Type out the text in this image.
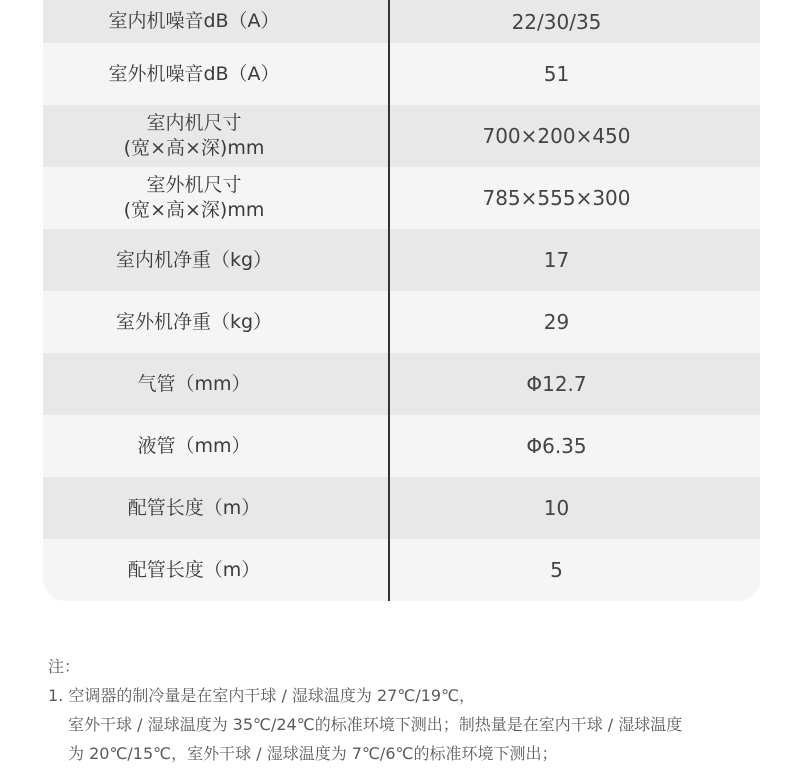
室内机噪音dB（A）	22/30/35
室外机噪音dB（A）	51
室内机尺寸
(宽×高×深)mm	700×200×450
室外机尺寸
(宽×高×深)mm	785×555×300
室内机净重（kg）	17
室外机净重（kg）	29
气管（mm）	Φ12.7
液管（mm）	Φ6.35
配管长度（m）	10
配管长度（m）	5
注：
1. 空调器的制冷量是在室内干球 / 湿球温度为 27℃/19℃，
室外干球 / 湿球温度为 35℃/24℃的标准环境下测出；制热量是在室内干球 / 湿球温度
为 20℃/15℃，室外干球 / 湿球温度为 7℃/6℃的标准环境下测出；
